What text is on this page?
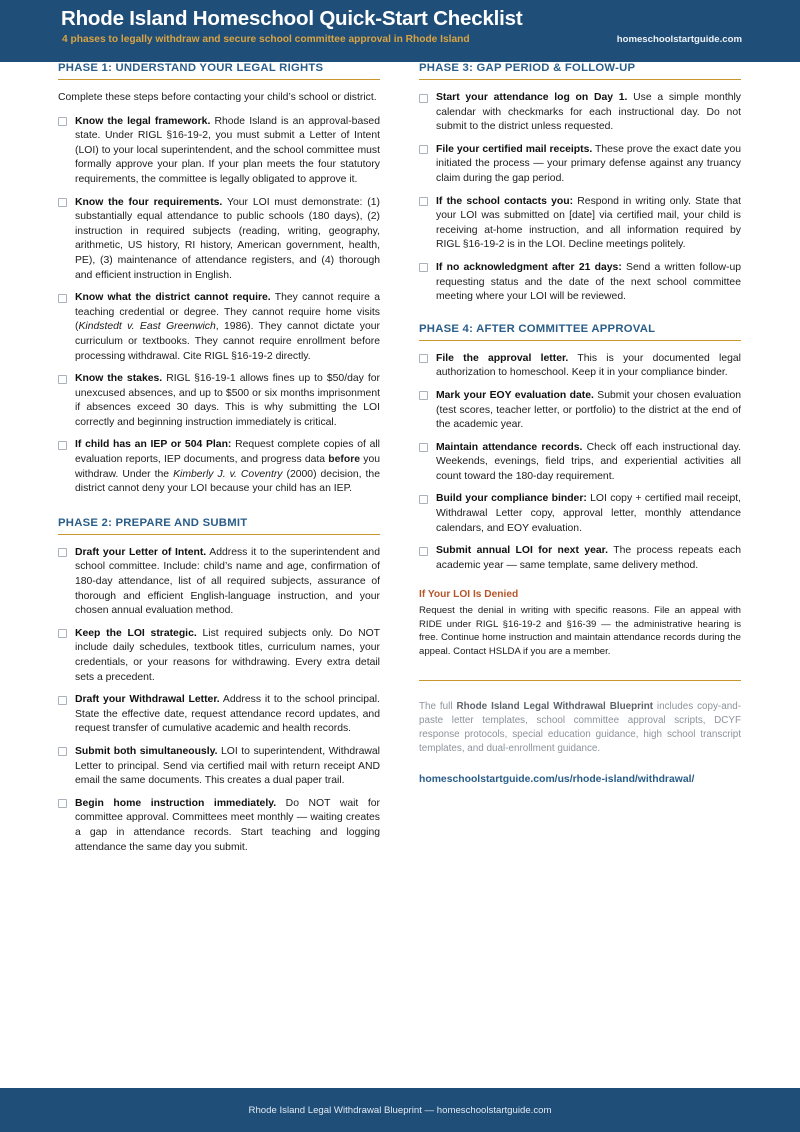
Rhode Island Homeschool Quick-Start Checklist
4 phases to legally withdraw and secure school committee approval in Rhode Island	homeschoolstartguide.com
PHASE 1: UNDERSTAND YOUR LEGAL RIGHTS

Complete these steps before contacting your child’s school or district.

Know the legal framework. Rhode Island is an approval-based state. Under RIGL §16-19-2, you must submit a Letter of Intent (LOI) to your local superintendent, and the school committee must formally approve your plan. If your plan meets the four statutory requirements, the committee is legally obligated to approve it.
Know the four requirements. Your LOI must demonstrate: (1) substantially equal attendance to public schools (180 days), (2) instruction in required subjects (reading, writing, geography, arithmetic, US history, RI history, American government, health, PE), (3) maintenance of attendance registers, and (4) thorough and efficient instruction in English.
Know what the district cannot require. They cannot require a teaching credential or degree. They cannot require home visits (Kindstedt v. East Greenwich, 1986). They cannot dictate your curriculum or textbooks. They cannot require enrollment before processing withdrawal. Cite RIGL §16-19-2 directly.
Know the stakes. RIGL §16-19-1 allows fines up to $50/day for unexcused absences, and up to $500 or six months imprisonment if absences exceed 30 days. This is why submitting the LOI correctly and beginning instruction immediately is critical.
If child has an IEP or 504 Plan: Request complete copies of all evaluation reports, IEP documents, and progress data before you withdraw. Under the Kimberly J. v. Coventry (2000) decision, the district cannot deny your LOI because your child has an IEP.
PHASE 2: PREPARE AND SUBMIT
Draft your Letter of Intent. Address it to the superintendent and school committee. Include: child’s name and age, confirmation of 180-day attendance, list of all required subjects, assurance of thorough and efficient English-language instruction, and your chosen annual evaluation method.
Keep the LOI strategic. List required subjects only. Do NOT include daily schedules, textbook titles, curriculum names, your credentials, or your reasons for withdrawing. Every extra detail sets a precedent.
Draft your Withdrawal Letter. Address it to the school principal. State the effective date, request attendance record updates, and request transfer of cumulative academic and health records.
Submit both simultaneously. LOI to superintendent, Withdrawal Letter to principal. Send via certified mail with return receipt AND email the same documents. This creates a dual paper trail.
Begin home instruction immediately. Do NOT wait for committee approval. Committees meet monthly — waiting creates a gap in attendance records. Start teaching and logging attendance the same day you submit.
PHASE 3: GAP PERIOD & FOLLOW-UP
Start your attendance log on Day 1. Use a simple monthly calendar with checkmarks for each instructional day. Do not submit to the district unless requested.
File your certified mail receipts. These prove the exact date you initiated the process — your primary defense against any truancy claim during the gap period.
If the school contacts you: Respond in writing only. State that your LOI was submitted on [date] via certified mail, your child is receiving at-home instruction, and all information required by RIGL §16-19-2 is in the LOI. Decline meetings politely.
If no acknowledgment after 21 days: Send a written follow-up requesting status and the date of the next school committee meeting where your LOI will be reviewed.
PHASE 4: AFTER COMMITTEE APPROVAL
File the approval letter. This is your documented legal authorization to homeschool. Keep it in your compliance binder.
Mark your EOY evaluation date. Submit your chosen evaluation (test scores, teacher letter, or portfolio) to the district at the end of the academic year.
Maintain attendance records. Check off each instructional day. Weekends, evenings, field trips, and experiential activities all count toward the 180-day requirement.
Build your compliance binder: LOI copy + certified mail receipt, Withdrawal Letter copy, approval letter, monthly attendance calendars, and EOY evaluation.
Submit annual LOI for next year. The process repeats each academic year — same template, same delivery method.
If Your LOI Is Denied

Request the denial in writing with specific reasons. File an appeal with RIDE under RIGL §16-19-2 and §16-39 — the administrative hearing is free. Continue home instruction and maintain attendance records during the appeal. Contact HSLDA if you are a member.

The full Rhode Island Legal Withdrawal Blueprint includes copy-and-paste letter templates, school committee approval scripts, DCYF response protocols, special education guidance, high school transcript templates, and dual-enrollment guidance.

homeschoolstartguide.com/us/rhode-island/withdrawal/
Rhode Island Legal Withdrawal Blueprint — homeschoolstartguide.com
